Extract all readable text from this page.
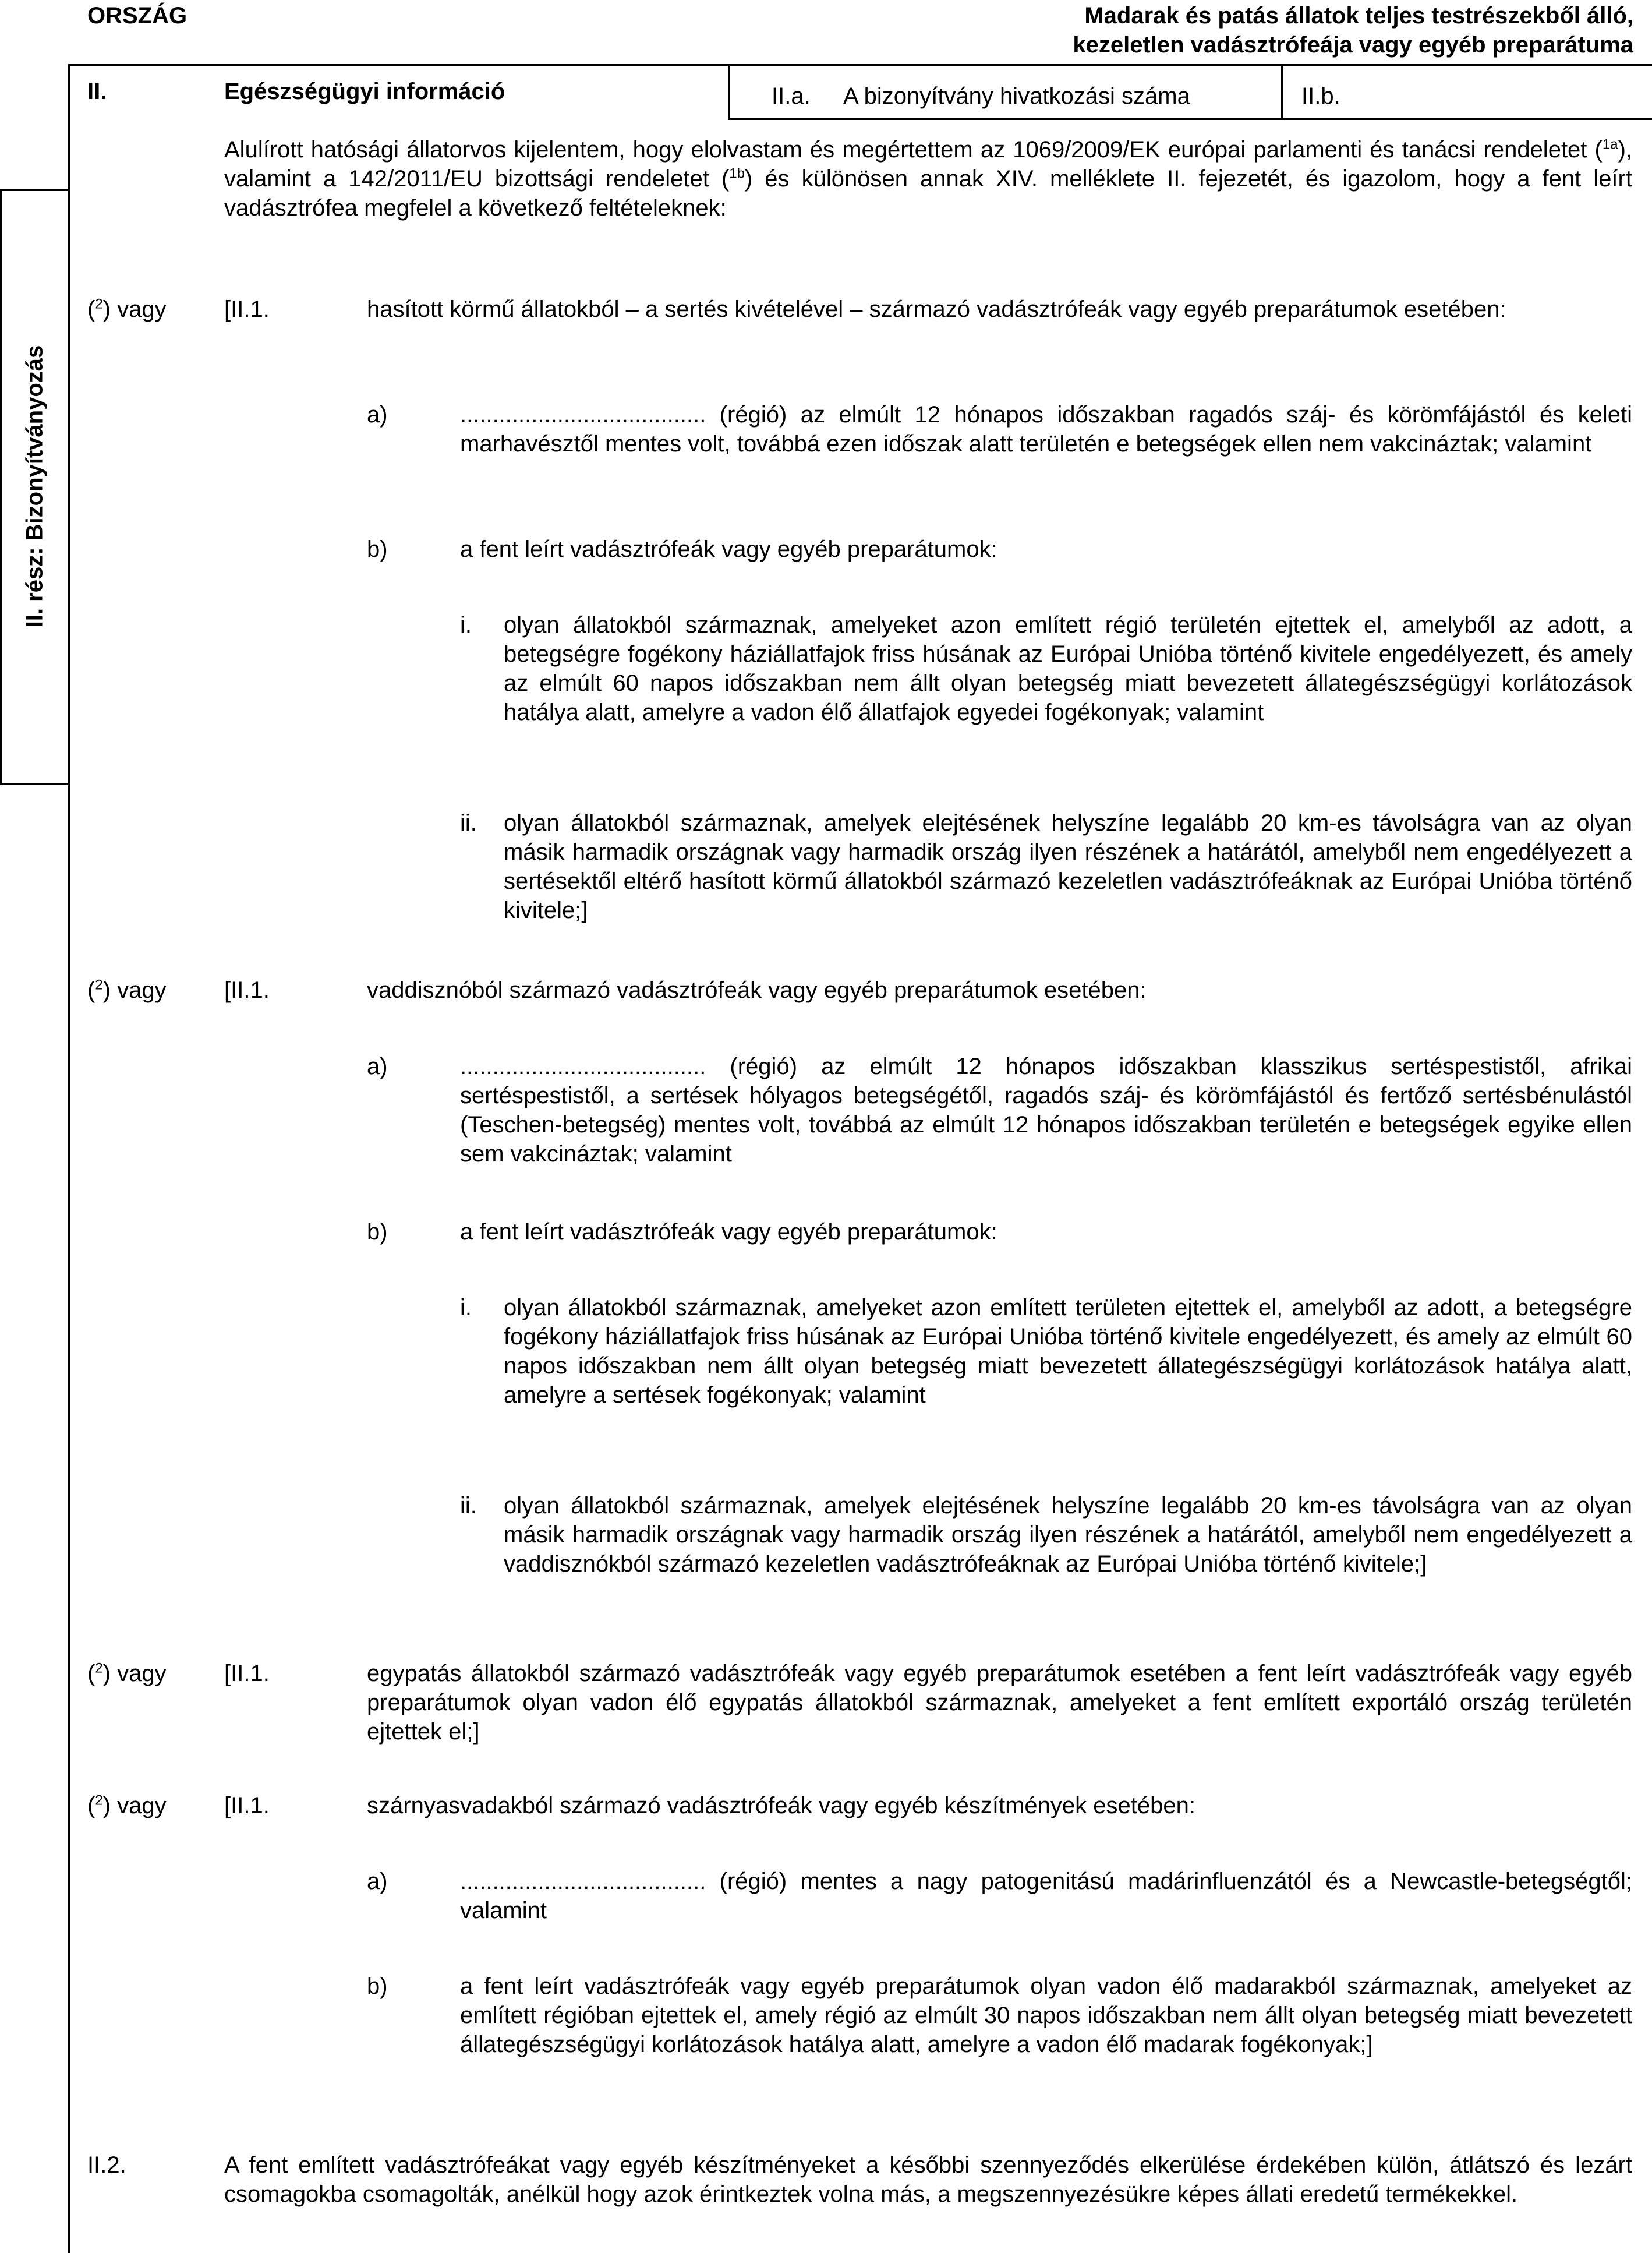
ORSZÁG	Madarak és patás állatok teljes testrészekből álló,
kezeletlen vadásztrófeája vagy egyéb preparátuma
II.	Egészségügyi információ	II.a. A bizonyítvány hivatkozási száma	II.b.
II. rész: Bizonyítványozás

Alulírott hatósági állatorvos kijelentem, hogy elolvastam és megértettem az 1069/2009/EK európai parlamenti és tanácsi rendeletet ($^{1a}$), valamint a 142/2011/EU bizottsági rendeletet ($^{1b}$) és különösen annak XIV. melléklete II. fejezetét, és igazolom, hogy a fent leírt vadásztrófea megfelel a következő feltételeknek:

($^2$) vagy [II.1.	hasított körmű állatokból – a sertés kivételével – származó vadásztrófeák vagy egyéb preparátumok esetében:

a)	...................................... (régió) az elmúlt 12 hónapos időszakban ragadós száj- és körömfájástól és keleti marhavésztől mentes volt, továbbá ezen időszak alatt területén e betegségek ellen nem vakcináztak; valamint

b)	a fent leírt vadásztrófeák vagy egyéb preparátumok:

i. olyan állatokból származnak, amelyeket azon említett régió területén ejtettek el, amelyből az adott, a betegségre fogékony háziállatfajok friss húsának az Európai Unióba történő kivitele engedélyezett, és amely az elmúlt 60 napos időszakban nem állt olyan betegség miatt bevezetett állategészségügyi korlátozások hatálya alatt, amelyre a vadon élő állatfajok egyedei fogékonyak; valamint

ii. olyan állatokból származnak, amelyek elejtésének helyszíne legalább 20 km-es távolságra van az olyan másik harmadik országnak vagy harmadik ország ilyen részének a határától, amelyből nem engedélyezett a sertésektől eltérő hasított körmű állatokból származó kezeletlen vadásztrófeáknak az Európai Unióba történő kivitele;]

($^2$) vagy [II.1.	vaddisznóból származó vadásztrófeák vagy egyéb preparátumok esetében:

a)	...................................... (régió) az elmúlt 12 hónapos időszakban klasszikus sertéspestistől, afrikai sertéspestistől, a sertések hólyagos betegségétől, ragadós száj- és körömfájástól és fertőző sertésbénulástól (Teschen-betegség) mentes volt, továbbá az elmúlt 12 hónapos időszakban területén e betegségek egyike ellen sem vakcináztak; valamint

b)	a fent leírt vadásztrófeák vagy egyéb preparátumok:

i. olyan állatokból származnak, amelyeket azon említett területen ejtettek el, amelyből az adott, a betegségre fogékony háziállatfajok friss húsának az Európai Unióba történő kivitele engedélyezett, és amely az elmúlt 60 napos időszakban nem állt olyan betegség miatt bevezetett állategészségügyi korlátozások hatálya alatt, amelyre a sertések fogékonyak; valamint

ii. olyan állatokból származnak, amelyek elejtésének helyszíne legalább 20 km-es távolságra van az olyan másik harmadik országnak vagy harmadik ország ilyen részének a határától, amelyből nem engedélyezett a vaddisznókból származó kezeletlen vadásztrófeáknak az Európai Unióba történő kivitele;]

($^2$) vagy [II.1.	egypatás állatokból származó vadásztrófeák vagy egyéb preparátumok esetében a fent leírt vadásztrófeák vagy egyéb preparátumok olyan vadon élő egypatás állatokból származnak, amelyeket a fent említett exportáló ország területén ejtettek el;]

($^2$) vagy [II.1.	szárnyasvadakból származó vadásztrófeák vagy egyéb készítmények esetében:

a)	...................................... (régió) mentes a nagy patogenitású madárinfluenzától és a Newcastle-betegségtől; valamint

b)	a fent leírt vadásztrófeák vagy egyéb preparátumok olyan vadon élő madarakból származnak, amelyeket az említett régióban ejtettek el, amely régió az elmúlt 30 napos időszakban nem állt olyan betegség miatt bevezetett állategészségügyi korlátozások hatálya alatt, amelyre a vadon élő madarak fogékonyak;]

II.2.	A fent említett vadásztrófeákat vagy egyéb készítményeket a későbbi szennyeződés elkerülése érdekében külön, átlátszó és lezárt csomagokba csomagolták, anélkül hogy azok érintkeztek volna más, a megszennyezésükre képes állati eredetű termékekkel.
